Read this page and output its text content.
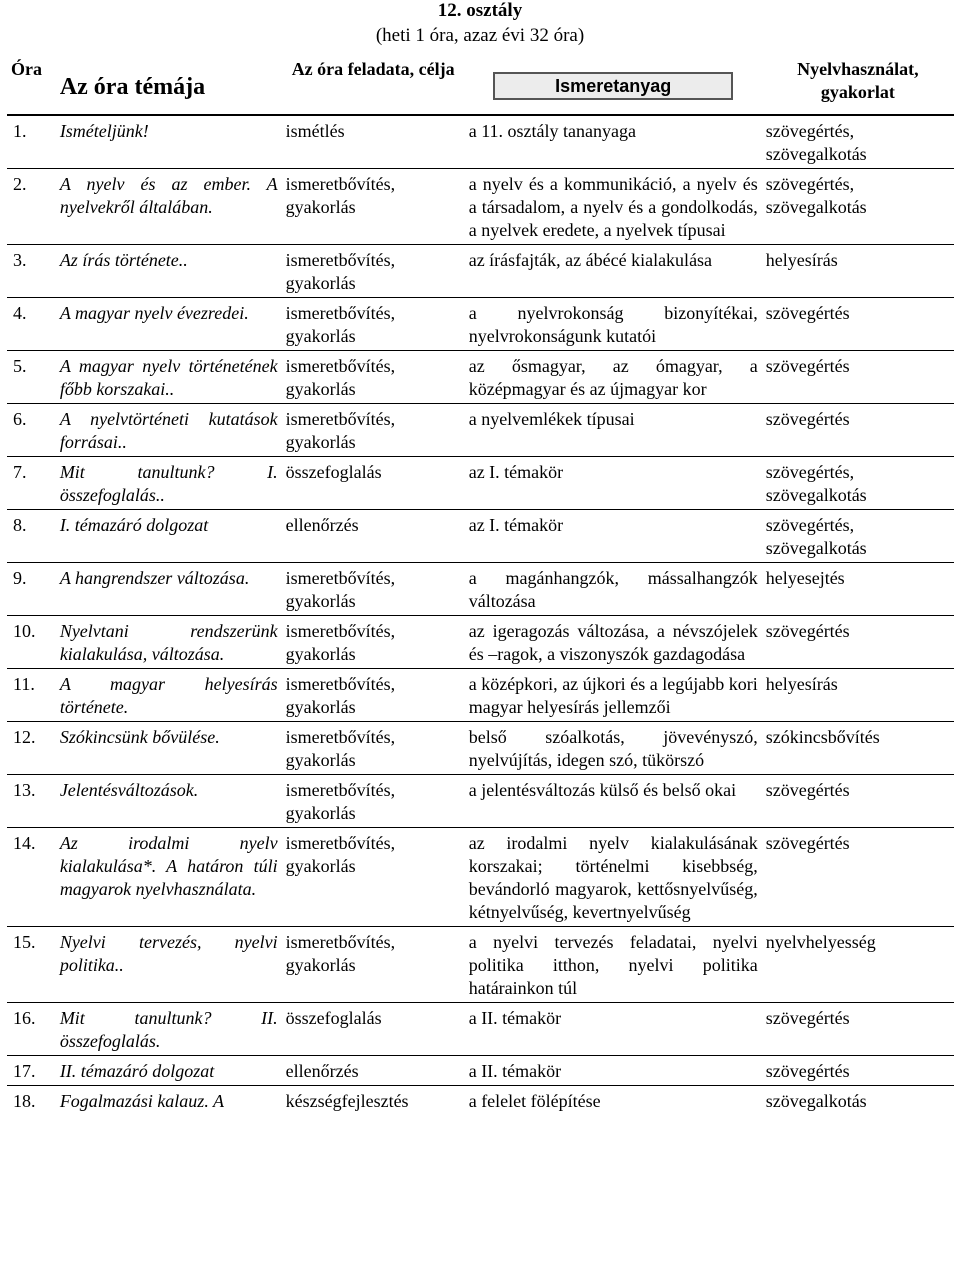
12. osztály
(heti 1 óra, azaz évi 32 óra)
Óra	Az óra témája	Az óra feladata, célja	Ismeretanyag	Nyelvhasználat, gyakorlat
1.	Ismételjünk!	ismétlés	a 11. osztály tananyaga	szövegértés, szövegalkotás
2.	A nyelv és az ember. A nyelvekről általában.	ismeretbővítés, gyakorlás	a nyelv és a kommunikáció, a nyelv és a társadalom, a nyelv és a gondolkodás, a nyelvek eredete, a nyelvek típusai	szövegértés, szövegalkotás
3.	Az írás története..	ismeretbővítés, gyakorlás	az írásfajták, az ábécé kialakulása	helyesírás
4.	A magyar nyelv évezredei.	ismeretbővítés, gyakorlás	a nyelvrokonság bizonyítékai, nyelvrokonságunk kutatói	szövegértés
5.	A magyar nyelv történetének főbb korszakai..	ismeretbővítés, gyakorlás	az ősmagyar, az ómagyar, a középmagyar és az újmagyar kor	szövegértés
6.	A nyelvtörténeti kutatások forrásai..	ismeretbővítés, gyakorlás	a nyelvemlékek típusai	szövegértés
7.	Mit tanultunk? I. összefoglalás..	összefoglalás	az I. témakör	szövegértés, szövegalkotás
8.	I. témazáró dolgozat	ellenőrzés	az I. témakör	szövegértés, szövegalkotás
9.	A hangrendszer változása.	ismeretbővítés, gyakorlás	a magánhangzók, mássalhangzók változása	helyesejtés
10.	Nyelvtani rendszerünk kialakulása, változása.	ismeretbővítés, gyakorlás	az igeragozás változása, a névszójelek és –ragok, a viszonyszók gazdagodása	szövegértés
11.	A magyar helyesírás története.	ismeretbővítés, gyakorlás	a középkori, az újkori és a legújabb kori magyar helyesírás jellemzői	helyesírás
12.	Szókincsünk bővülése.	ismeretbővítés, gyakorlás	belső szóalkotás, jövevényszó, nyelvújítás, idegen szó, tükörszó	szókincsbővítés
13.	Jelentésváltozások.	ismeretbővítés, gyakorlás	a jelentésváltozás külső és belső okai	szövegértés
14.	Az irodalmi nyelv kialakulása*. A határon túli magyarok nyelvhasználata.	ismeretbővítés, gyakorlás	az irodalmi nyelv kialakulásának korszakai; történelmi kisebbség, bevándorló magyarok, kettősnyelvűség, kétnyelvűség, kevertnyelvűség	szövegértés
15.	Nyelvi tervezés, nyelvi politika..	ismeretbővítés, gyakorlás	a nyelvi tervezés feladatai, nyelvi politika itthon, nyelvi politika határainkon túl	nyelvhelyesség
16.	Mit tanultunk? II. összefoglalás.	összefoglalás	a II. témakör	szövegértés
17.	II. témazáró dolgozat	ellenőrzés	a II. témakör	szövegértés
18.	Fogalmazási kalauz. A	készségfejlesztés	a felelet fölépítése	szövegalkotás
